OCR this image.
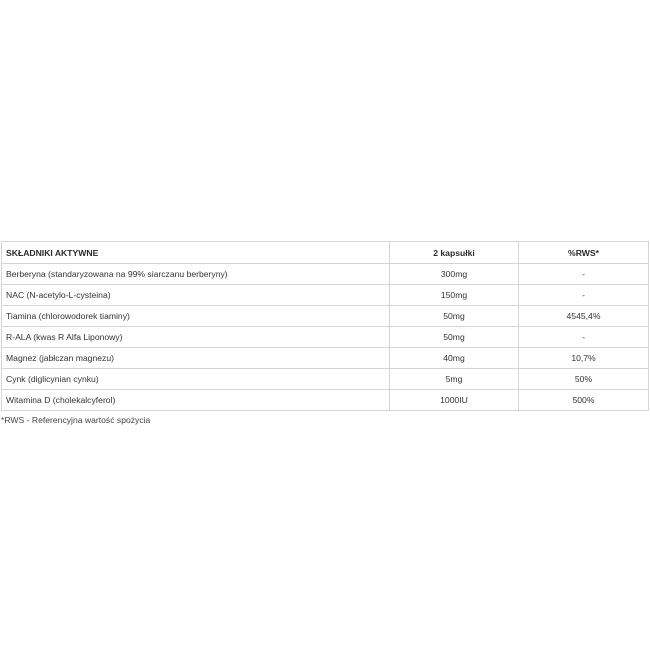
SKŁADNIKI AKTYWNE	2 kapsułki	%RWS*
Berberyna (standaryzowana na 99% siarczanu berberyny)	300mg	-
NAC (N-acetylo-L-cysteina)	150mg	-
Tiamina (chlorowodorek tiaminy)	50mg	4545,4%
R-ALA (kwas R Alfa Liponowy)	50mg	-
Magnez (jabłczan magnezu)	40mg	10,7%
Cynk (diglicynian cynku)	5mg	50%
Witamina D (cholekalcyferol)	1000IU	500%
*RWS - Referencyjna wartość spożycia
